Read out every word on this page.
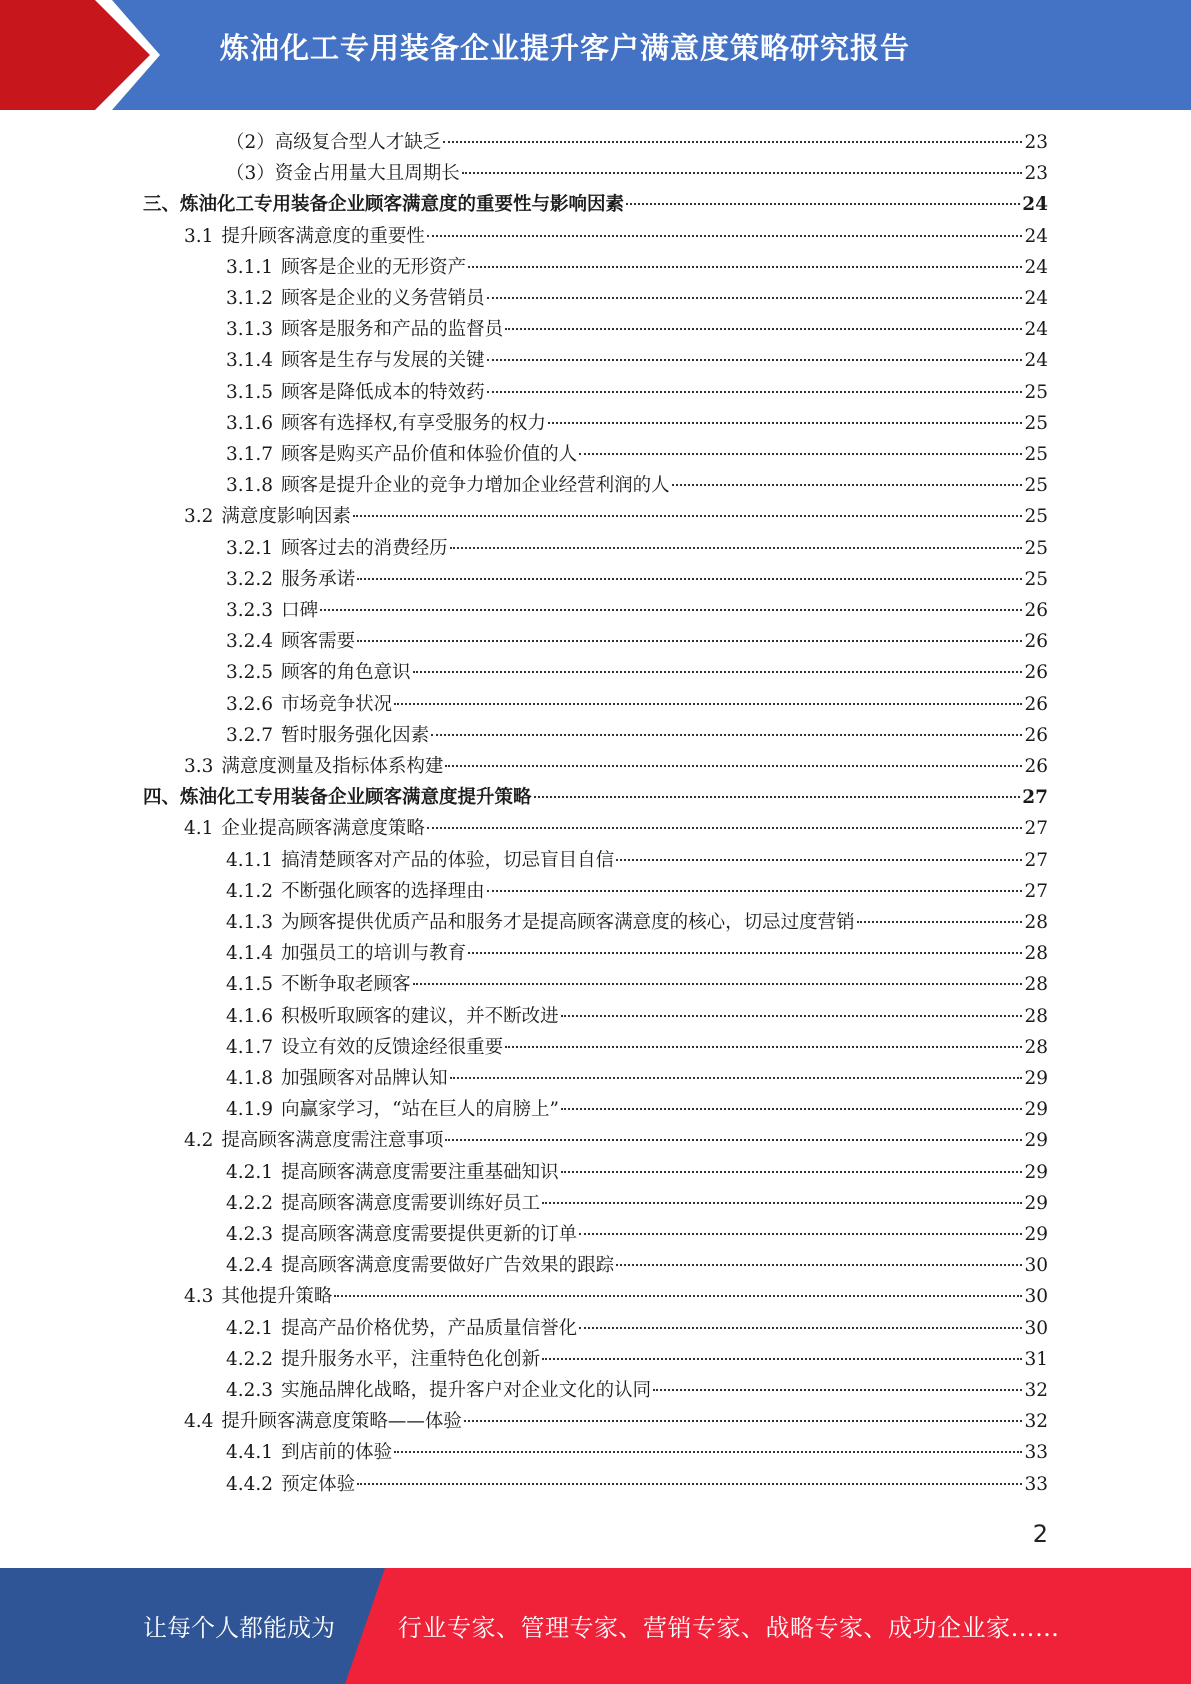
炼油化工专用装备企业提升客户满意度策略研究报告
（2）高级复合型人才缺乏	23
（3）资金占用量大且周期长	23
三、炼油化工专用装备企业顾客满意度的重要性与影响因素	24
3.1 提升顾客满意度的重要性	24
3.1.1 顾客是企业的无形资产	24
3.1.2 顾客是企业的义务营销员	24
3.1.3 顾客是服务和产品的监督员	24
3.1.4 顾客是生存与发展的关键	24
3.1.5 顾客是降低成本的特效药	25
3.1.6 顾客有选择权,有享受服务的权力	25
3.1.7 顾客是购买产品价值和体验价值的人	25
3.1.8 顾客是提升企业的竞争力增加企业经营利润的人	25
3.2 满意度影响因素	25
3.2.1 顾客过去的消费经历	25
3.2.2 服务承诺	25
3.2.3 口碑	26
3.2.4 顾客需要	26
3.2.5 顾客的角色意识	26
3.2.6 市场竞争状况	26
3.2.7 暂时服务强化因素	26
3.3 满意度测量及指标体系构建	26
四、炼油化工专用装备企业顾客满意度提升策略	27
4.1 企业提高顾客满意度策略	27
4.1.1 搞清楚顾客对产品的体验，切忌盲目自信	27
4.1.2 不断强化顾客的选择理由	27
4.1.3 为顾客提供优质产品和服务才是提高顾客满意度的核心，切忌过度营销	28
4.1.4 加强员工的培训与教育	28
4.1.5 不断争取老顾客	28
4.1.6 积极听取顾客的建议，并不断改进	28
4.1.7 设立有效的反馈途经很重要	28
4.1.8 加强顾客对品牌认知	29
4.1.9 向赢家学习，“站在巨人的肩膀上”	29
4.2 提高顾客满意度需注意事项	29
4.2.1 提高顾客满意度需要注重基础知识	29
4.2.2 提高顾客满意度需要训练好员工	29
4.2.3 提高顾客满意度需要提供更新的订单	29
4.2.4 提高顾客满意度需要做好广告效果的跟踪	30
4.3 其他提升策略	30
4.2.1 提高产品价格优势，产品质量信誉化	30
4.2.2 提升服务水平，注重特色化创新	31
4.2.3 实施品牌化战略，提升客户对企业文化的认同	32
4.4 提升顾客满意度策略——体验	32
4.4.1 到店前的体验	33
4.4.2 预定体验	33
2
让每个人都能成为	行业专家、管理专家、营销专家、战略专家、成功企业家……
